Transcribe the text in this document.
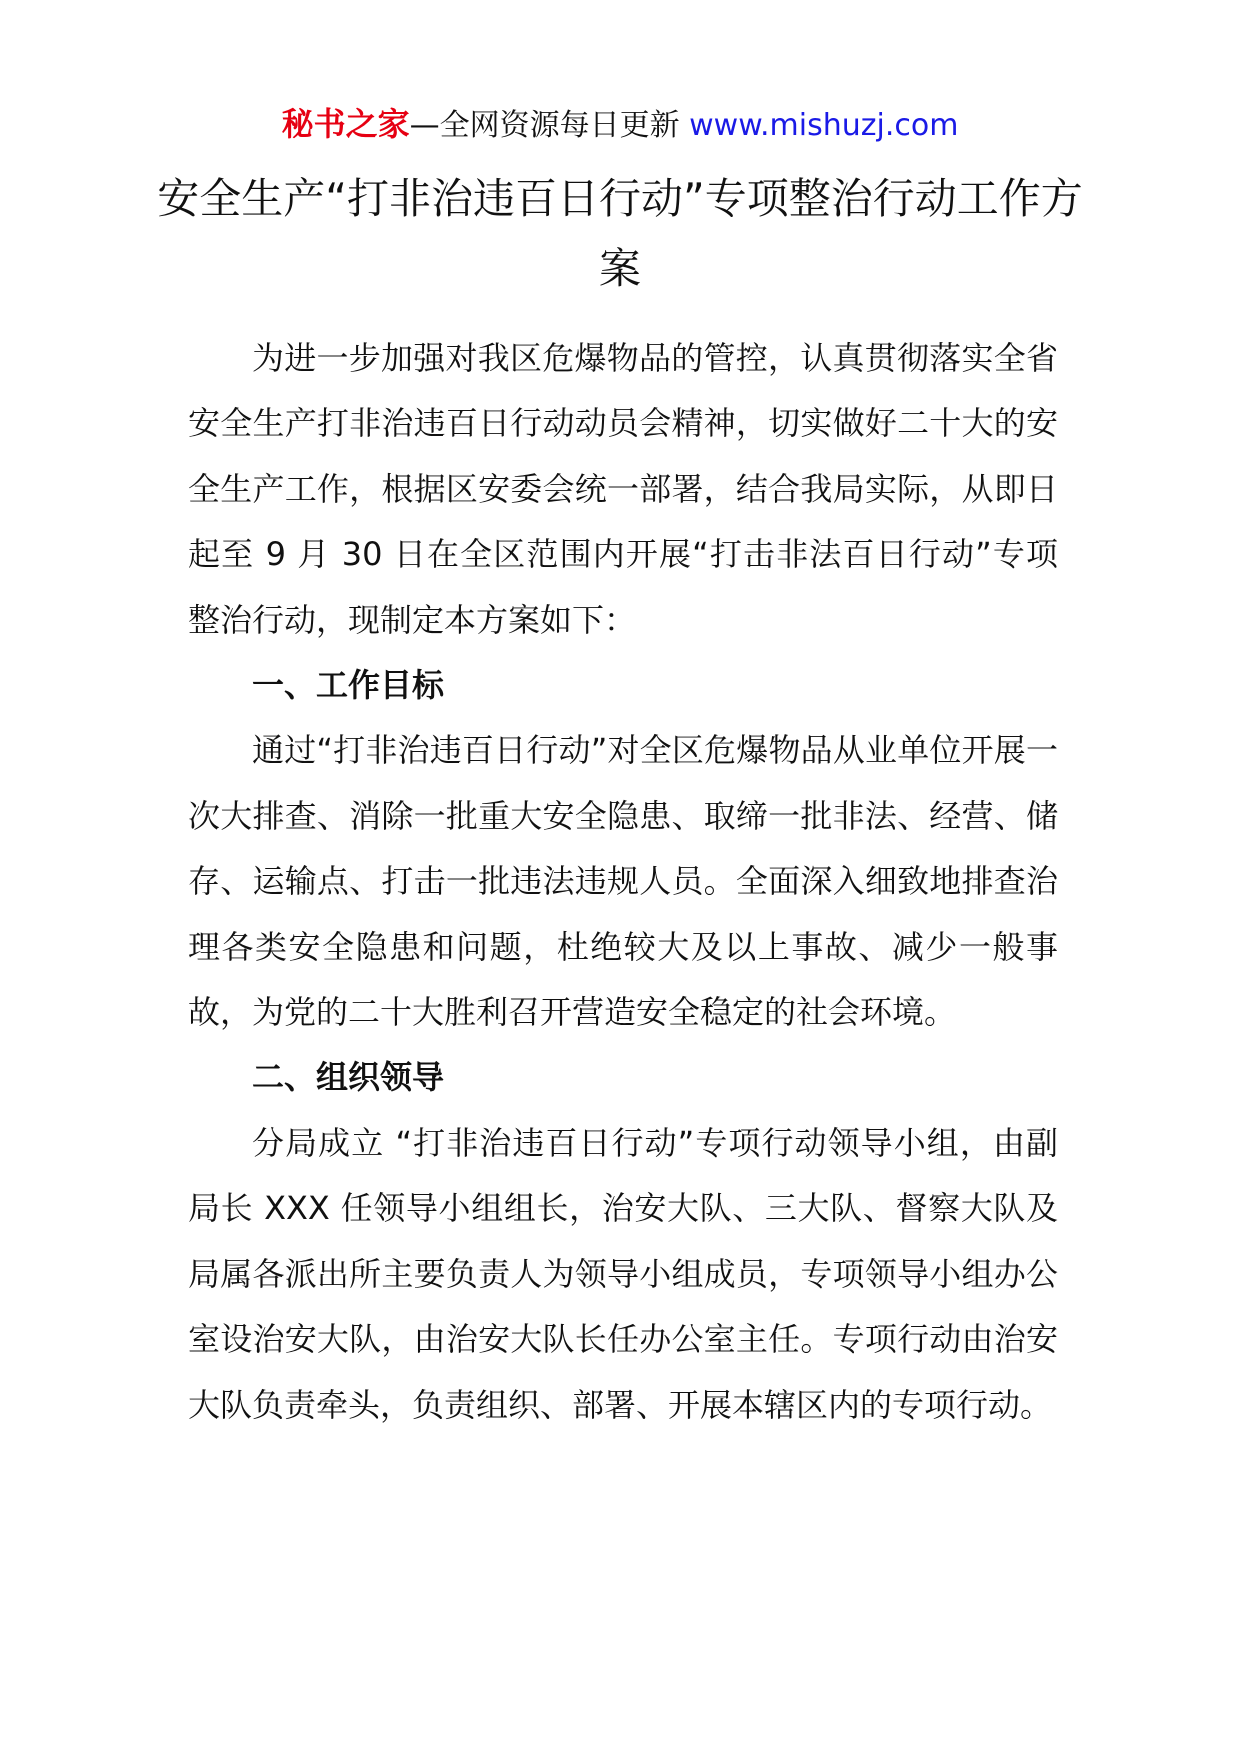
秘书之家—全网资源每日更新 www.mishuzj.com
安全生产“打非治违百日行动”专项整治行动工作方案

为进一步加强对我区危爆物品的管控，认真贯彻落实全省安全生产打非治违百日行动动员会精神，切实做好二十大的安全生产工作，根据区安委会统一部署，结合我局实际，从即日起至 9 月 30 日在全区范围内开展“打击非法百日行动”专项整治行动，现制定本方案如下：

一、工作目标

通过“打非治违百日行动”对全区危爆物品从业单位开展一次大排查、消除一批重大安全隐患、取缔一批非法、经营、储存、运输点、打击一批违法违规人员。全面深入细致地排查治理各类安全隐患和问题，杜绝较大及以上事故、减少一般事故，为党的二十大胜利召开营造安全稳定的社会环境。

二、组织领导

分局成立 “打非治违百日行动”专项行动领导小组，由副局长 XXX 任领导小组组长，治安大队、三大队、督察大队及局属各派出所主要负责人为领导小组成员，专项领导小组办公室设治安大队，由治安大队长任办公室主任。专项行动由治安大队负责牵头，负责组织、部署、开展本辖区内的专项行动。
